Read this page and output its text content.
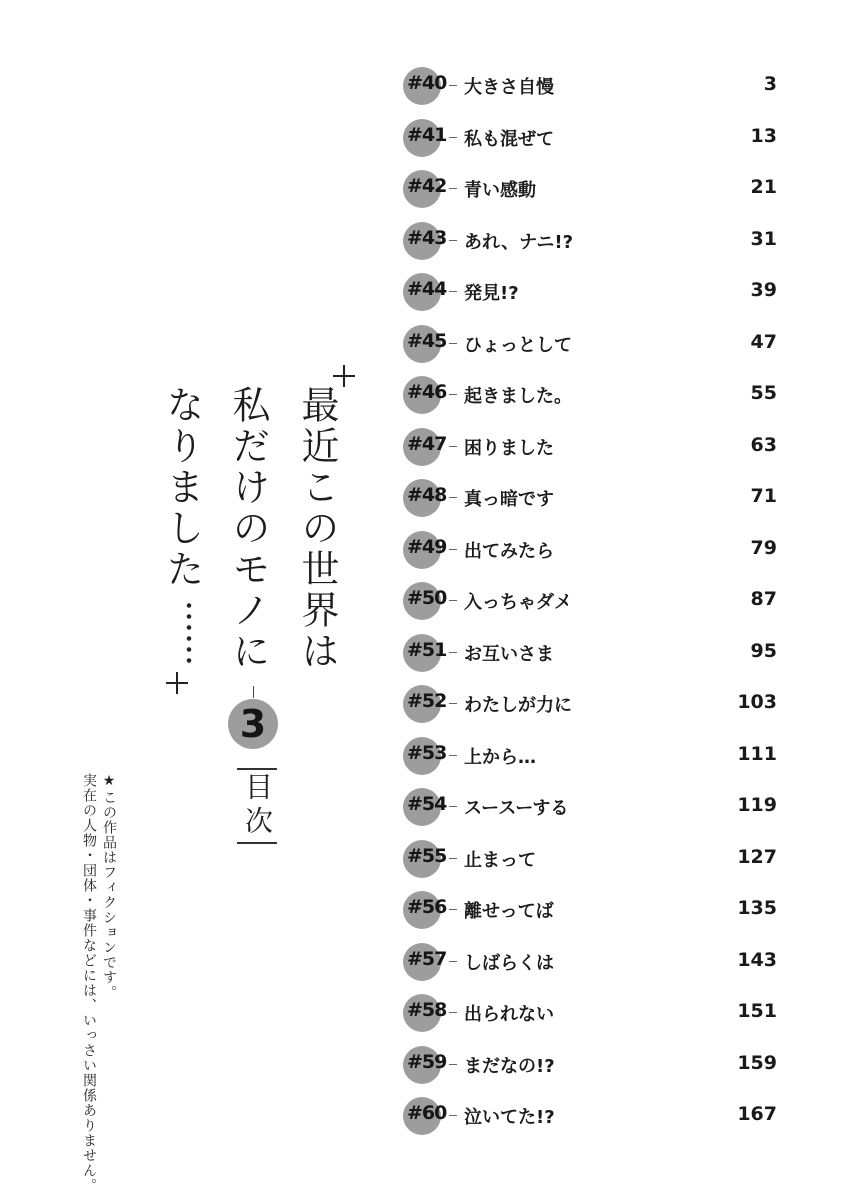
#40 大きさ自慢	3
#41 私も混ぜて	13
#42 青い感動	21
#43 あれ、ナニ!?	31
#44 発見!?	39
#45 ひょっとして	47
#46 起きました。	55
#47 困りました	63
#48 真っ暗です	71
#49 出てみたら	79
#50 入っちゃダメ	87
#51 お互いさま	95
#52 わたしが力に	103
#53 上から…	111
#54 スースーする	119
#55 止まって	127
#56 離せってば	135
#57 しばらくは	143
#58 出られない	151
#59 まだなの!?	159
#60 泣いてた!?	167
最近この世界は
私だけのモノに
なりました
3
目次
★この作品はフィクションです。
実在の人物・団体・事件などには、いっさい関係ありません。
